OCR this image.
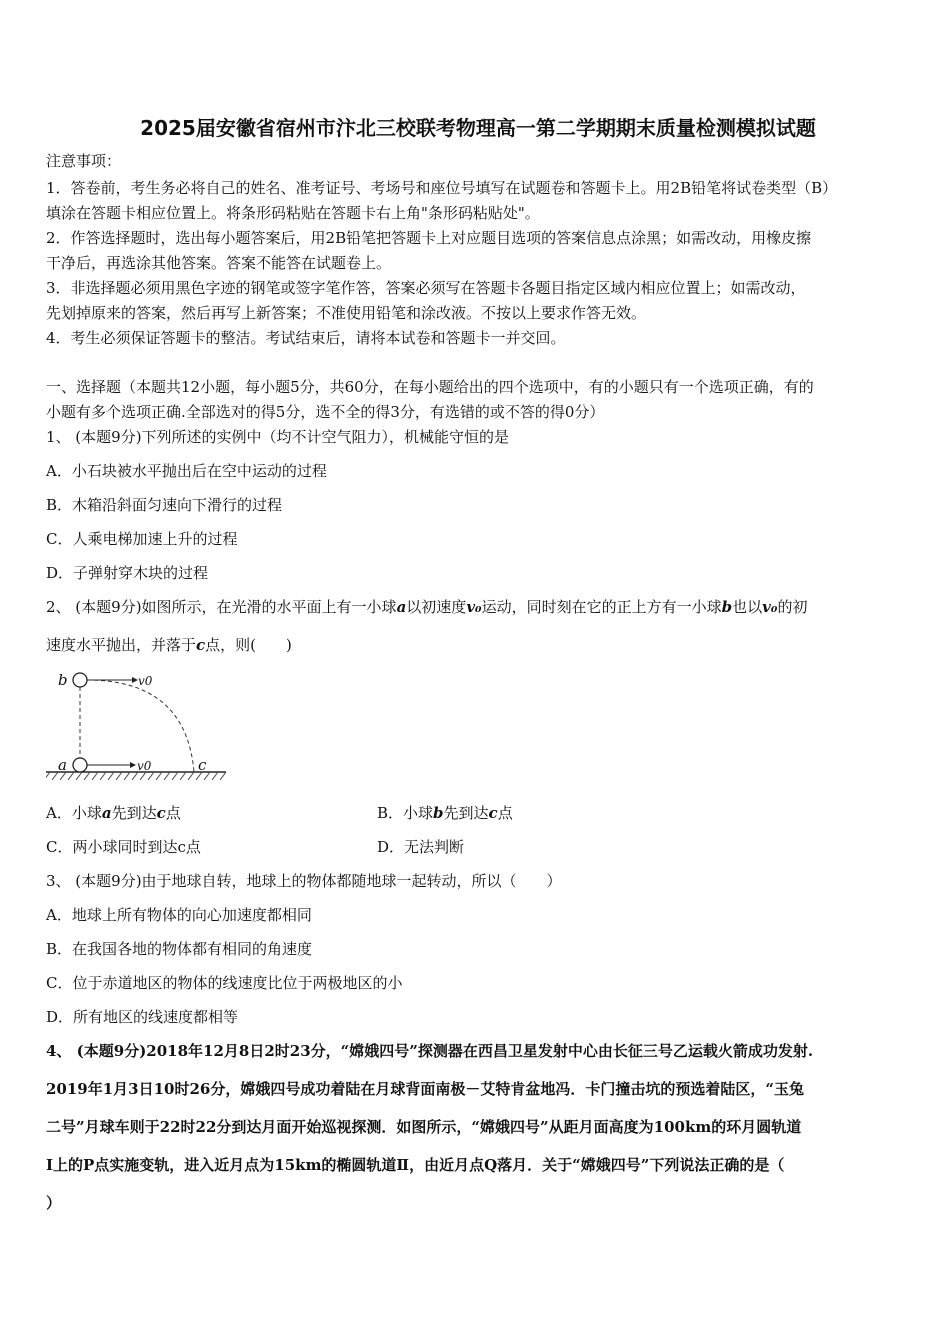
2025届安徽省宿州市汴北三校联考物理高一第二学期期末质量检测模拟试题
注意事项：
1．答卷前，考生务必将自己的姓名、准考证号、考场号和座位号填写在试题卷和答题卡上。用2B铅笔将试卷类型（B）
填涂在答题卡相应位置上。将条形码粘贴在答题卡右上角"条形码粘贴处"。
2．作答选择题时，选出每小题答案后，用2B铅笔把答题卡上对应题目选项的答案信息点涂黑；如需改动，用橡皮擦
干净后，再选涂其他答案。答案不能答在试题卷上。
3．非选择题必须用黑色字迹的钢笔或签字笔作答，答案必须写在答题卡各题目指定区域内相应位置上；如需改动，
先划掉原来的答案，然后再写上新答案；不准使用铅笔和涂改液。不按以上要求作答无效。
4．考生必须保证答题卡的整洁。考试结束后，请将本试卷和答题卡一并交回。
一、选择题（本题共12小题，每小题5分，共60分，在每小题给出的四个选项中，有的小题只有一个选项正确，有的
小题有多个选项正确.全部选对的得5分，选不全的得3分，有选错的或不答的得0分）
1、 (本题9分)下列所述的实例中（均不计空气阻力），机械能守恒的是
A．小石块被水平抛出后在空中运动的过程
B．木箱沿斜面匀速向下滑行的过程
C．人乘电梯加速上升的过程
D．子弹射穿木块的过程
2、 (本题9分)如图所示，在光滑的水平面上有一小球a以初速度v₀运动，同时刻在它的正上方有一小球b也以v₀的初
速度水平抛出，并落于c点，则(　　)
b
a	c
v0
v0
A．小球a先到达c点	B．小球b先到达c点
C．两小球同时到达c点	D．无法判断
3、 (本题9分)由于地球自转，地球上的物体都随地球一起转动，所以（　　）
A．地球上所有物体的向心加速度都相同
B．在我国各地的物体都有相同的角速度
C．位于赤道地区的物体的线速度比位于两极地区的小
D．所有地区的线速度都相等
4、 (本题9分)2018年12月8日2时23分，“嫦娥四号”探测器在西昌卫星发射中心由长征三号乙运载火箭成功发射.
2019年1月3日10时26分，嫦娥四号成功着陆在月球背面南极－艾特肯盆地冯．卡门撞击坑的预选着陆区，“玉兔
二号”月球车则于22时22分到达月面开始巡视探测．如图所示，“嫦娥四号”从距月面高度为100km的环月圆轨道
Ⅰ上的P点实施变轨，进入近月点为15km的椭圆轨道Ⅱ，由近月点Q落月．关于“嫦娥四号”下列说法正确的是（
）
